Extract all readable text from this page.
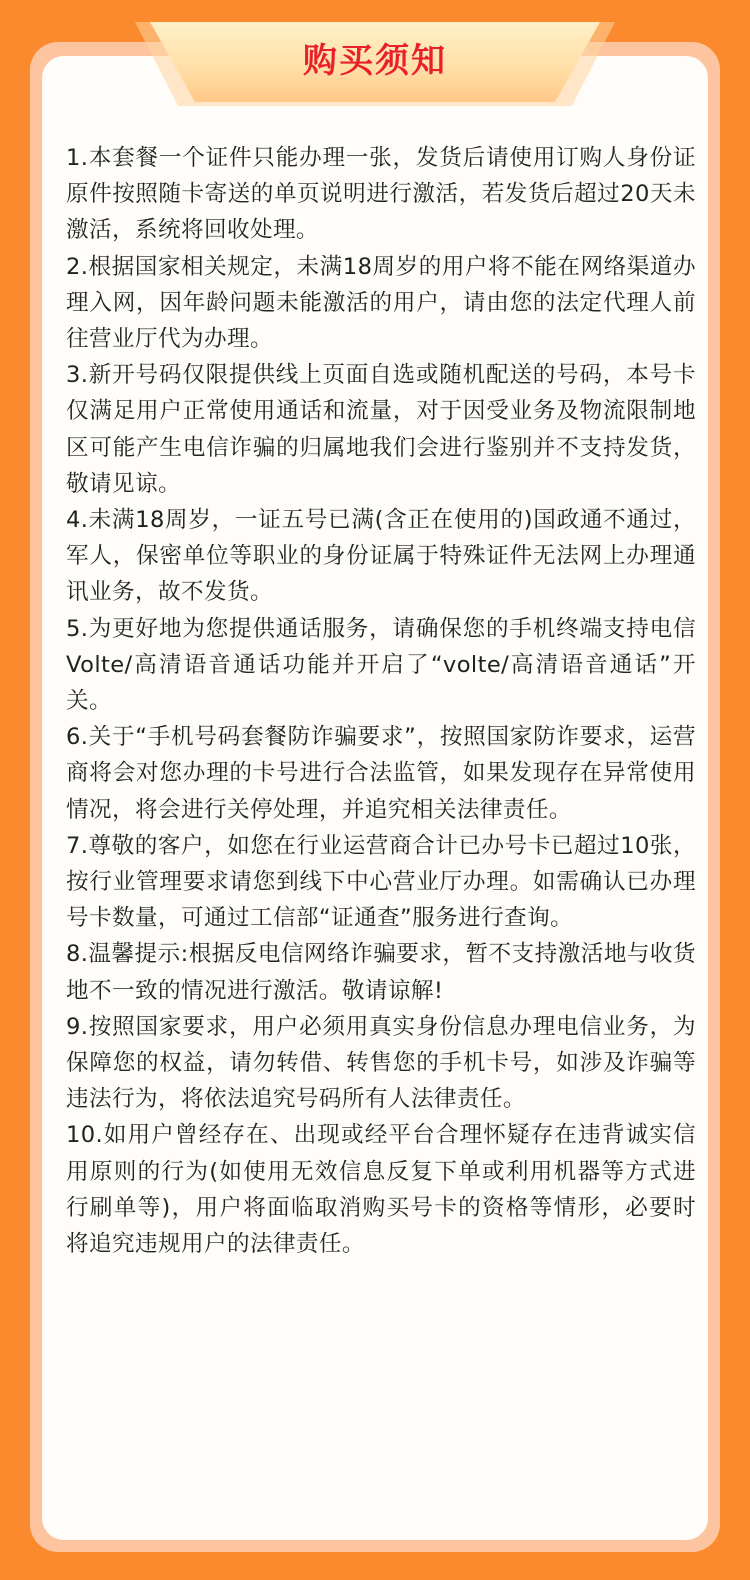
购买须知
1.本套餐一个证件只能办理一张，发货后请使用订购人身份证原件按照随卡寄送的单页说明进行激活，若发货后超过20天未激活，系统将回收处理。
2.根据国家相关规定，未满18周岁的用户将不能在网络渠道办理入网，因年龄问题未能激活的用户，请由您的法定代理人前往营业厅代为办理。
3.新开号码仅限提供线上页面自选或随机配送的号码，本号卡仅满足用户正常使用通话和流量，对于因受业务及物流限制地区可能产生电信诈骗的归属地我们会进行鉴别并不支持发货，敬请见谅。
4.未满18周岁，一证五号已满(含正在使用的)国政通不通过，军人，保密单位等职业的身份证属于特殊证件无法网上办理通讯业务，故不发货。
5.为更好地为您提供通话服务，请确保您的手机终端支持电信Volte/高清语音通话功能并开启了“volte/高清语音通话”开关。
6.关于“手机号码套餐防诈骗要求”，按照国家防诈要求，运营商将会对您办理的卡号进行合法监管，如果发现存在异常使用情况，将会进行关停处理，并追究相关法律责任。
7.尊敬的客户，如您在行业运营商合计已办号卡已超过10张，按行业管理要求请您到线下中心营业厅办理。如需确认已办理号卡数量，可通过工信部“证通查”服务进行查询。
8.温馨提示:根据反电信网络诈骗要求，暂不支持激活地与收货地不一致的情况进行激活。敬请谅解!
9.按照国家要求，用户必须用真实身份信息办理电信业务，为保障您的权益，请勿转借、转售您的手机卡号，如涉及诈骗等违法行为，将依法追究号码所有人法律责任。
10.如用户曾经存在、出现或经平台合理怀疑存在违背诚实信用原则的行为(如使用无效信息反复下单或利用机器等方式进行刷单等)，用户将面临取消购买号卡的资格等情形，必要时将追究违规用户的法律责任。
